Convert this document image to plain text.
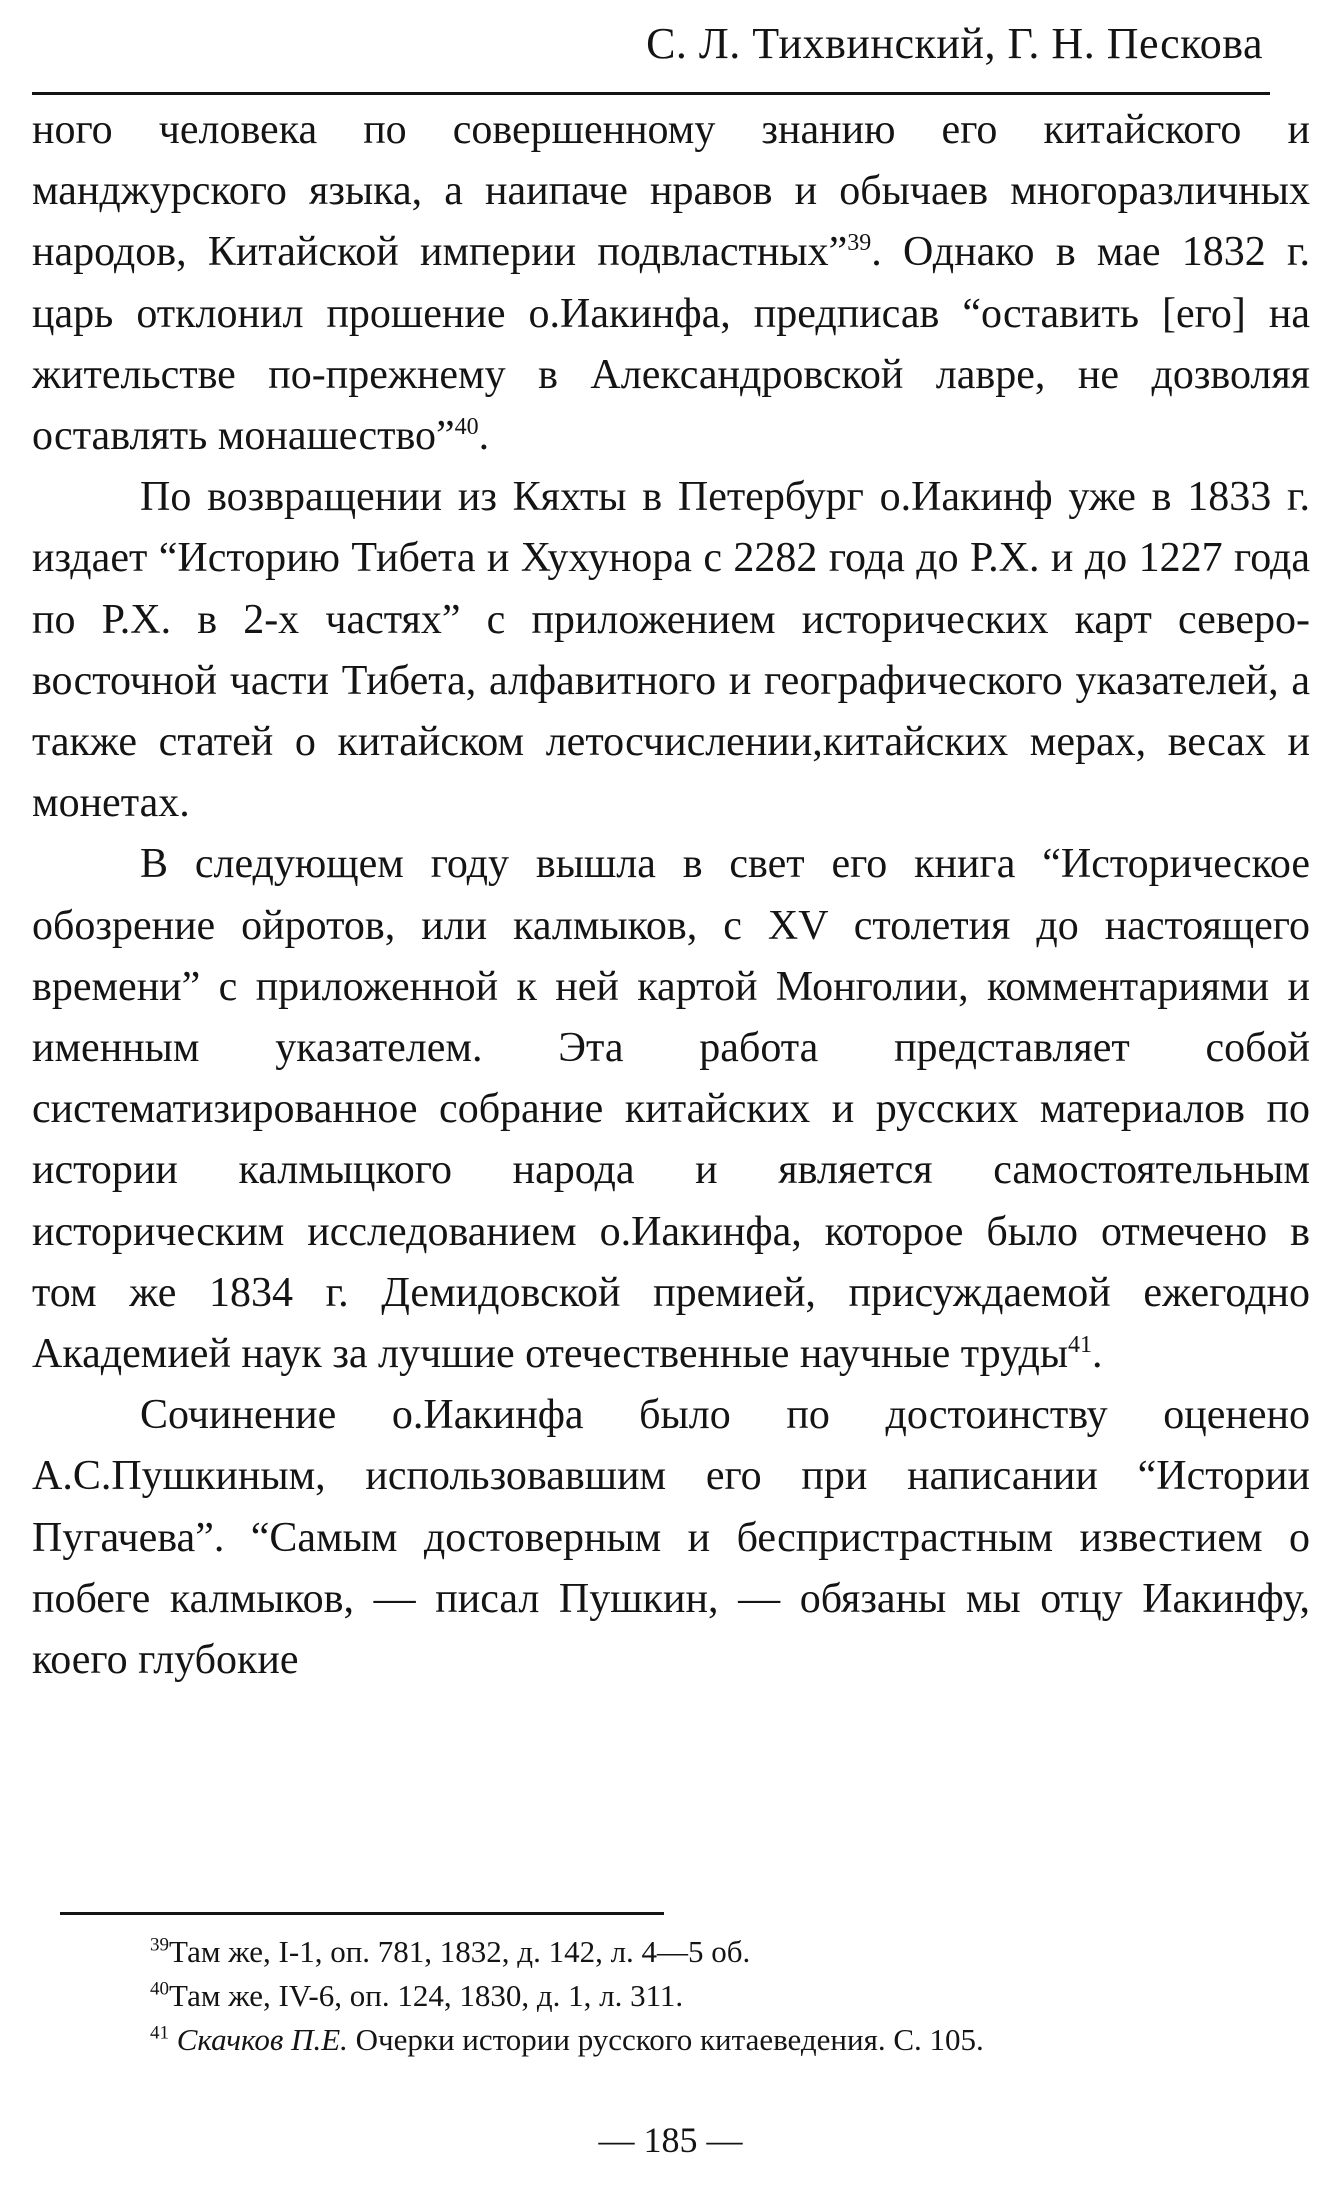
С. Л. Тихвинский, Г. Н. Пескова

ного человека по совершенному знанию его китайского и манджурского языка, а наипаче нравов и обычаев многоразличных народов, Китайской империи подвластных”$^{39}$. Однако в мае 1832 г. царь отклонил прошение о.Иакинфа, предписав “оставить [его] на жительстве по-прежнему в Александровской лавре, не дозволяя оставлять монашество”$^{40}$.

По возвращении из Кяхты в Петербург о.Иакинф уже в 1833 г. издает “Историю Тибета и Хухунора с 2282 года до Р.Х. и до 1227 года по Р.Х. в 2-х частях” с приложением исторических карт северо-восточной части Тибета, алфавитного и географического указателей, а также статей о китайском летосчислении,китайских мерах, весах и монетах.

В следующем году вышла в свет его книга “Историческое обозрение ойротов, или калмыков, с XV столетия до настоящего времени” с приложенной к ней картой Монголии, комментариями и именным указателем. Эта работа представляет собой систематизированное собрание китайских и русских материалов по истории калмыцкого народа и является самостоятельным историческим исследованием о.Иакинфа, которое было отмечено в том же 1834 г. Демидовской премией, присуждаемой ежегодно Академией наук за лучшие отечественные научные труды$^{41}$.

Сочинение о.Иакинфа было по достоинству оценено А.С.Пушкиным, использовавшим его при написании “Истории Пугачева”. “Самым достоверным и беспристрастным известием о побеге калмыков, — писал Пушкин, — обязаны мы отцу Иакинфу, коего глубокие

$^{39}$Там же, I-1, оп. 781, 1832, д. 142, л. 4—5 об.

$^{40}$Там же, IV-6, оп. 124, 1830, д. 1, л. 311.

$^{41}$ Скачков П.Е. Очерки истории русского китаеведения. С. 105.

— 185 —
